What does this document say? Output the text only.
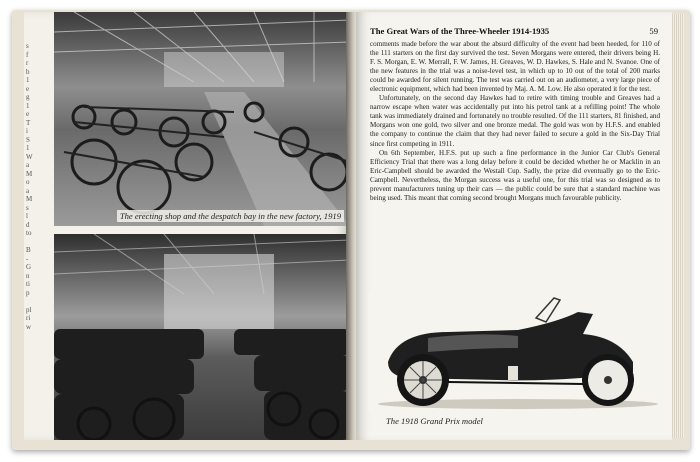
s
f
r
b
1
e
g
1
e
T
i
S
1
W
a
M
o
a
M
s
l
d
to

B
-
G
n
ti
p

pl
ri
w
The erecting shop and the despatch bay in the new factory, 1919
The Great Wars of the Three-Wheeler 1914-1935	59

comments made before the war about the absurd difficulty of the event had been heeded, for 110 of the 111 starters on the first day survived the test. Seven Morgans were entered, their drivers being H. F. S. Morgan, E. W. Merrall, F. W. James, H. Greaves, W. D. Hawkes, S. Hale and N. Svanoe. One of the new features in the trial was a noise-level test, in which up to 10 out of the total of 200 marks could be awarded for silent running. The test was carried out on an audiometer, a very large piece of electronic equipment, which had been invented by Maj. A. M. Low. He also operated it for the test.

Unfortunately, on the second day Hawkes had to retire with timing trouble and Greaves had a narrow escape when water was accidentally put into his petrol tank at a refilling point! The whole tank was immediately drained and fortunately no trouble resulted. Of the 111 starters, 81 finished, and Morgans won one gold, two silver and one bronze medal. The gold was won by H.F.S. and enabled the company to continue the claim that they had never failed to secure a gold in the Six-Day Trial since first competing in 1911.

On 6th September, H.F.S. put up such a fine performance in the Junior Car Club's General Efficiency Trial that there was a long delay before it could be decided whether he or Macklin in an Eric-Campbell should be awarded the Westall Cup. Sadly, the prize did eventually go to the Eric-Campbell. Nevertheless, the Morgan success was a useful one, for this trial was so designed as to prevent manufacturers tuning up their cars — the public could be sure that a standard machine was being used. This meant that coming second brought Morgans much favourable publicity.

The 1918 Grand Prix model
